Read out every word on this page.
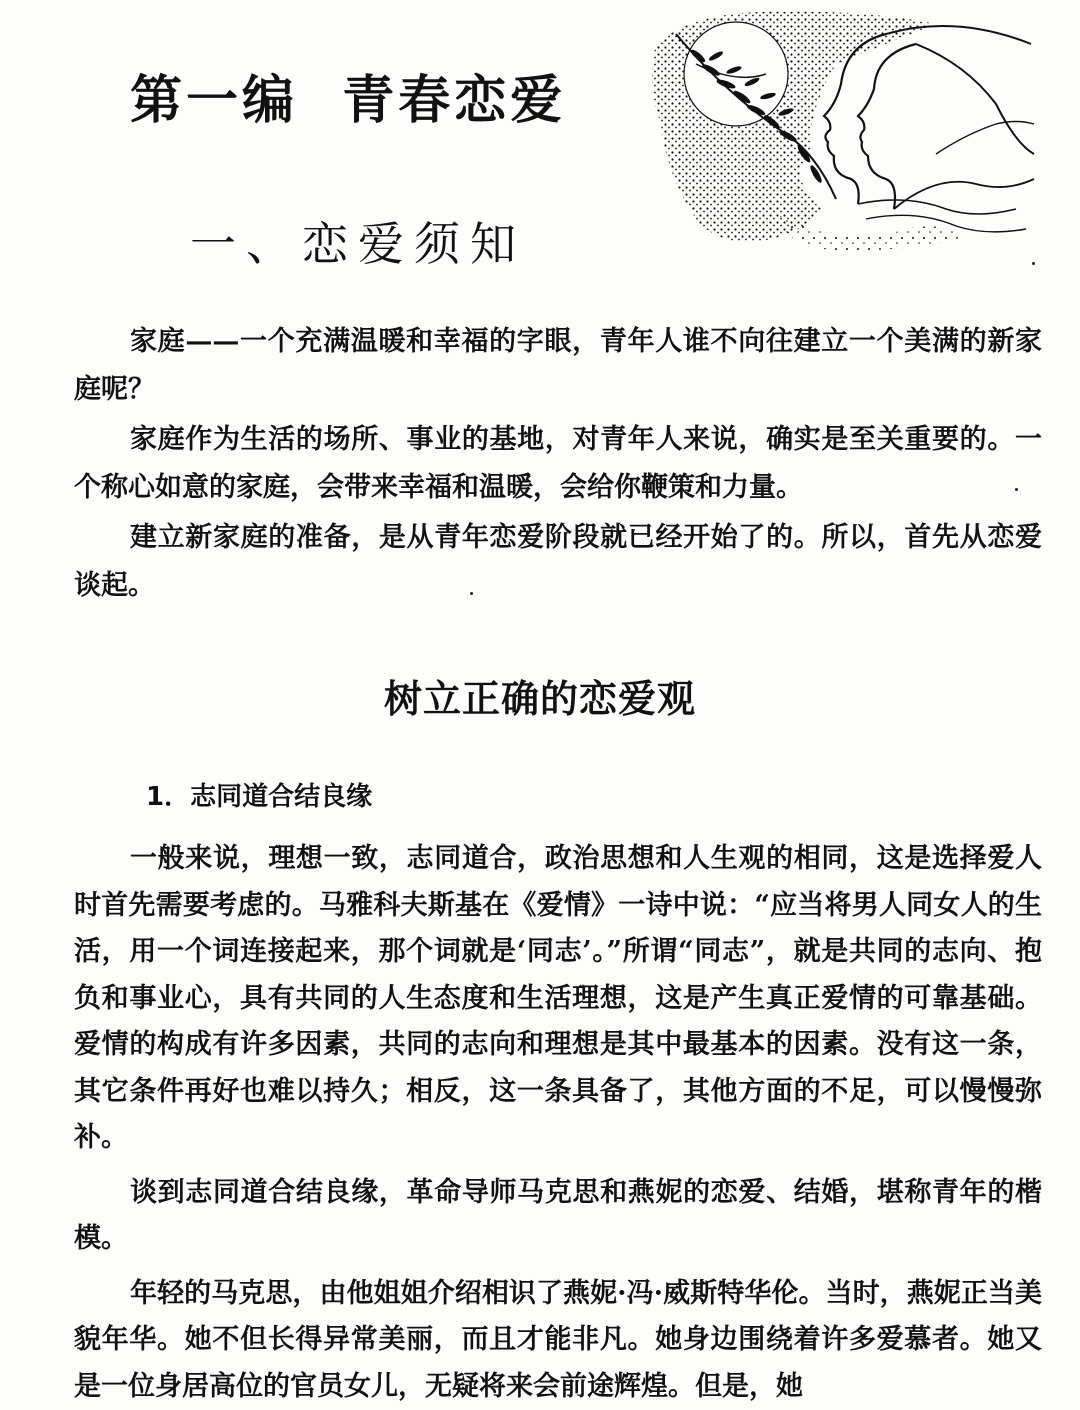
第一编  青春恋爱
一、恋爱须知

家庭——一个充满温暖和幸福的字眼，青年人谁不向往建立一个美满的新家庭呢？

家庭作为生活的场所、事业的基地，对青年人来说，确实是至关重要的。一个称心如意的家庭，会带来幸福和温暖，会给你鞭策和力量。

建立新家庭的准备，是从青年恋爱阶段就已经开始了的。所以，首先从恋爱谈起。

树立正确的恋爱观
1．志同道合结良缘

一般来说，理想一致，志同道合，政治思想和人生观的相同，这是选择爱人时首先需要考虑的。马雅科夫斯基在《爱情》一诗中说：“应当将男人同女人的生活，用一个词连接起来，那个词就是‘同志’。”所谓“同志”，就是共同的志向、抱负和事业心，具有共同的人生态度和生活理想，这是产生真正爱情的可靠基础。爱情的构成有许多因素，共同的志向和理想是其中最基本的因素。没有这一条，其它条件再好也难以持久；相反，这一条具备了，其他方面的不足，可以慢慢弥补。

谈到志同道合结良缘，革命导师马克思和燕妮的恋爱、结婚，堪称青年的楷模。

年轻的马克思，由他姐姐介绍相识了燕妮·冯·威斯特华伦。当时，燕妮正当美貌年华。她不但长得异常美丽，而且才能非凡。她身边围绕着许多爱慕者。她又是一位身居高位的官员女儿，无疑将来会前途辉煌。但是，她
